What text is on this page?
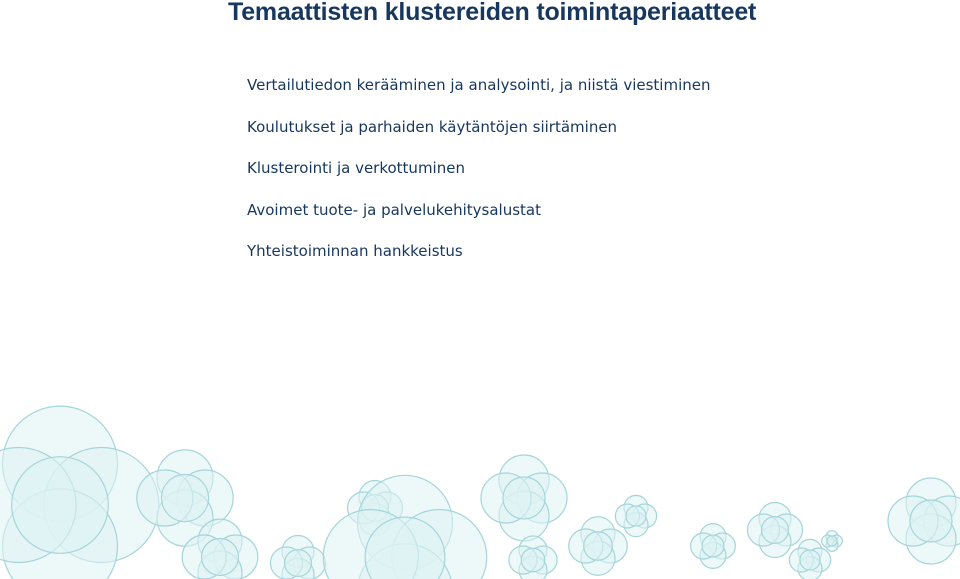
Temaattisten klustereiden toimintaperiaatteet
Vertailutiedon kerääminen ja analysointi, ja niistä viestiminen
Koulutukset ja parhaiden käytäntöjen siirtäminen
Klusterointi ja verkottuminen
Avoimet tuote- ja palvelukehitysalustat
Yhteistoiminnan hankkeistus
